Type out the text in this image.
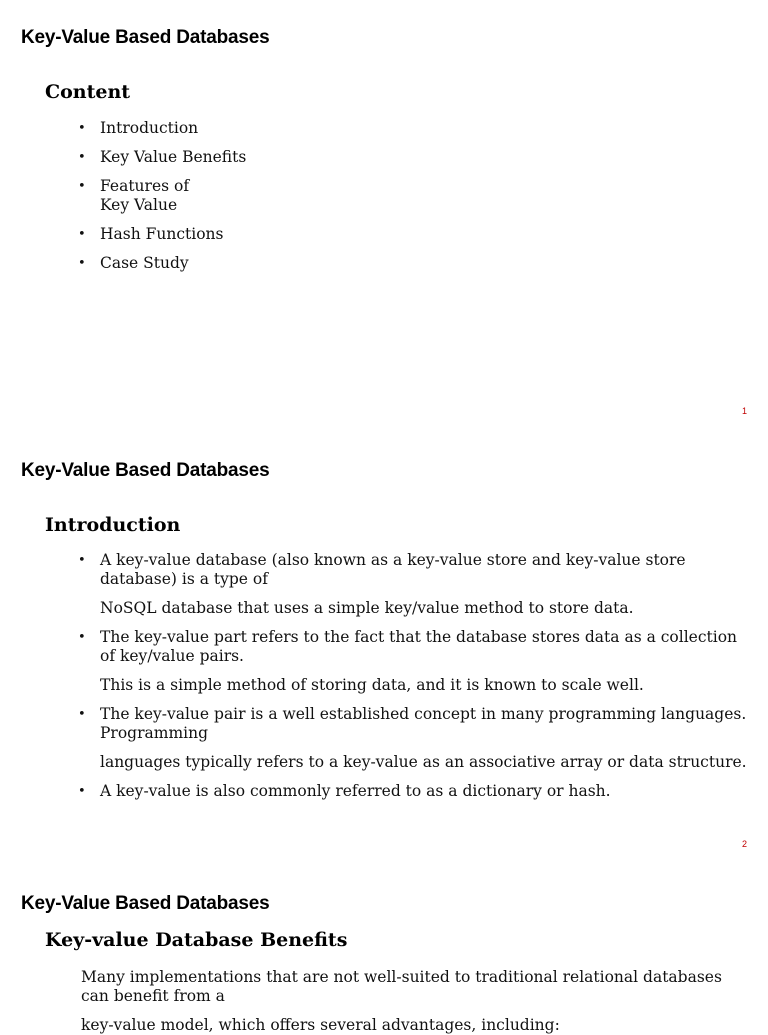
Key-Value Based Databases
Content
• Introduction
• Key Value Benefits
• Features of Key Value
• Hash Functions
• Case Study
1
Key-Value Based Databases
Introduction
• A key-value database (also known as a key-value store and key-value store database) is a type of
NoSQL database that uses a simple key/value method to store data.
• The key-value part refers to the fact that the database stores data as a collection of key/value pairs.
This is a simple method of storing data, and it is known to scale well.
• The key-value pair is a well established concept in many programming languages. Programming
languages typically refers to a key-value as an associative array or data structure.
• A key-value is also commonly referred to as a dictionary or hash.
2
Key-Value Based Databases
Key-value Database Benefits

Many implementations that are not well-suited to traditional relational databases can benefit from a

key-value model, which offers several advantages, including:
